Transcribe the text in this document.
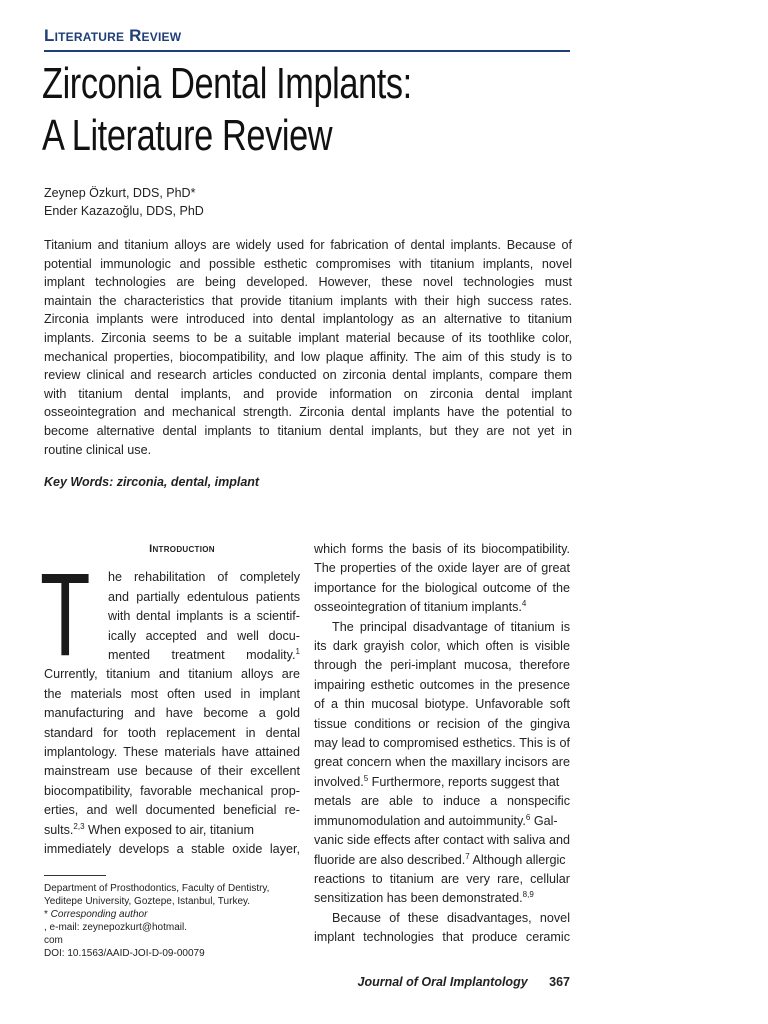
Literature Review
Zirconia Dental Implants:
A Literature Review
Zeynep Özkurt, DDS, PhD*
Ender Kazazoğlu, DDS, PhD
Titanium and titanium alloys are widely used for fabrication of dental implants. Because of
potential immunologic and possible esthetic compromises with titanium implants, novel
implant technologies are being developed. However, these novel technologies must
maintain the characteristics that provide titanium implants with their high success rates.
Zirconia implants were introduced into dental implantology as an alternative to titanium
implants. Zirconia seems to be a suitable implant material because of its toothlike color,
mechanical properties, biocompatibility, and low plaque affinity. The aim of this study is to
review clinical and research articles conducted on zirconia dental implants, compare them
with titanium dental implants, and provide information on zirconia dental implant
osseointegration and mechanical strength. Zirconia dental implants have the potential to
become alternative dental implants to titanium dental implants, but they are not yet in
routine clinical use.
Key Words: zirconia, dental, implant
Introduction
T	he rehabilitation of completely
and partially edentulous patients
with dental implants is a scientif-
ically accepted and well docu-
mented treatment modality.$^1$
Currently, titanium and titanium alloys are
the materials most often used in implant
manufacturing and have become a gold
standard for tooth replacement in dental
implantology. These materials have attained
mainstream use because of their excellent
biocompatibility, favorable mechanical prop-
erties, and well documented beneficial re-
sults.$^{2,3}$ When exposed to air, titanium
immediately develops a stable oxide layer,
which forms the basis of its biocompatibility.
The properties of the oxide layer are of great
importance for the biological outcome of the
osseointegration of titanium implants.$^4$
The principal disadvantage of titanium is
its dark grayish color, which often is visible
through the peri-implant mucosa, therefore
impairing esthetic outcomes in the presence
of a thin mucosal biotype. Unfavorable soft
tissue conditions or recision of the gingiva
may lead to compromised esthetics. This is of
great concern when the maxillary incisors are
involved.$^5$ Furthermore, reports suggest that
metals are able to induce a nonspecific
immunomodulation and autoimmunity.$^6$ Gal-
vanic side effects after contact with saliva and
fluoride are also described.$^7$ Although allergic
reactions to titanium are very rare, cellular
sensitization has been demonstrated.$^{8,9}$
Because of these disadvantages, novel
implant technologies that produce ceramic
Department of Prosthodontics, Faculty of Dentistry,
Yeditepe University, Goztepe, Istanbul, Turkey.
* Corresponding author
, e-mail: zeynepozkurt@hotmail.
com
DOI: 10.1563/AAID-JOI-D-09-00079
Journal of Oral Implantology 367
